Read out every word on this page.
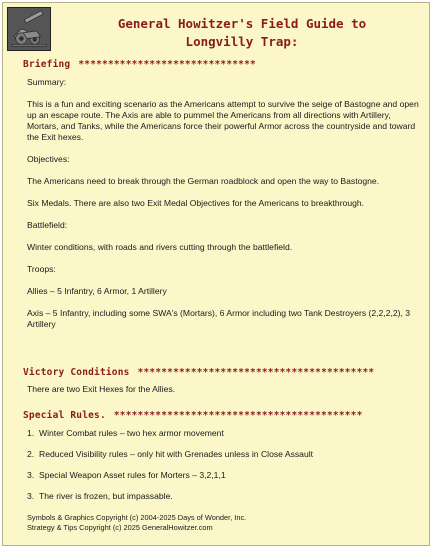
General Howitzer's Field Guide to
Longvilly Trap:
Briefing ******************************

Summary:

This is a fun and exciting scenario as the Americans attempt to survive the seige of Bastogne and open up an escape route. The Axis are able to pummel the Americans from all directions with Artillery, Mortars, and Tanks, while the Americans force their powerful Armor across the countryside and toward the Exit hexes.

Objectives:

The Americans need to break through the German roadblock and open the way to Bastogne.

Six Medals. There are also two Exit Medal Objectives for the Americans to breakthrough.

Battlefield:

Winter conditions, with roads and rivers cutting through the battlefield.

Troops:

Allies – 5 Infantry, 6 Armor, 1 Artillery

Axis – 5 Infantry, including some SWA's (Mortars), 6 Armor including two Tank Destroyers (2,2,2,2), 3 Artillery

Victory Conditions ****************************************

There are two Exit Hexes for the Allies.

Special Rules. ******************************************
1. Winter Combat rules – two hex armor movement
2. Reduced Visibility rules – only hit with Grenades unless in Close Assault
3. Special Weapon Asset rules for Morters – 3,2,1,1
3. The river is frozen, but impassable.
Symbols & Graphics Copyright (c) 2004-2025 Days of Wonder, Inc.
Strategy & Tips Copyright (c) 2025 GeneralHowitzer.com
